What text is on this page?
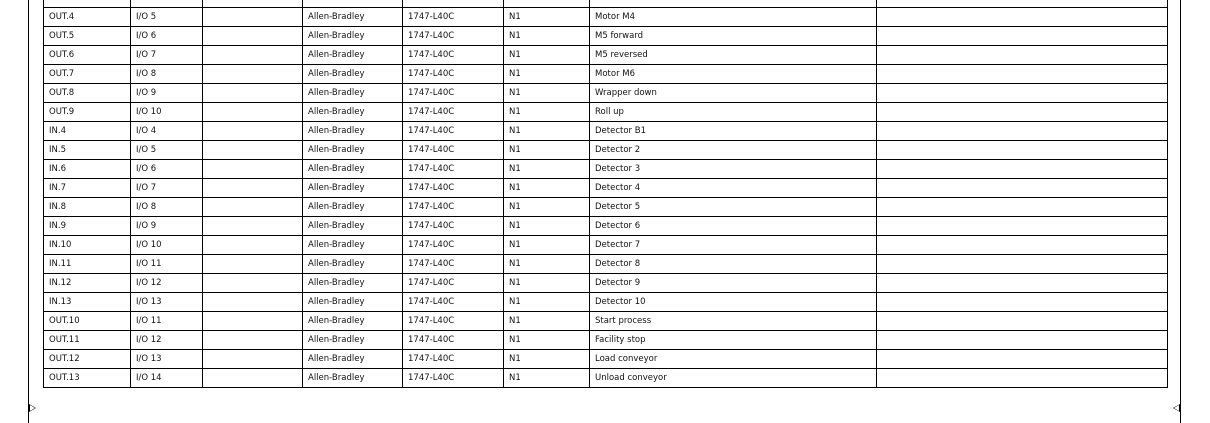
OUT.4	I/O 5		Allen-Bradley	1747-L40C	N1	Motor M4	
OUT.5	I/O 6		Allen-Bradley	1747-L40C	N1	M5 forward	
OUT.6	I/O 7		Allen-Bradley	1747-L40C	N1	M5 reversed	
OUT.7	I/O 8		Allen-Bradley	1747-L40C	N1	Motor M6	
OUT.8	I/O 9		Allen-Bradley	1747-L40C	N1	Wrapper down	
OUT.9	I/O 10		Allen-Bradley	1747-L40C	N1	Roll up	
IN.4	I/O 4		Allen-Bradley	1747-L40C	N1	Detector B1	
IN.5	I/O 5		Allen-Bradley	1747-L40C	N1	Detector 2	
IN.6	I/O 6		Allen-Bradley	1747-L40C	N1	Detector 3	
IN.7	I/O 7		Allen-Bradley	1747-L40C	N1	Detector 4	
IN.8	I/O 8		Allen-Bradley	1747-L40C	N1	Detector 5	
IN.9	I/O 9		Allen-Bradley	1747-L40C	N1	Detector 6	
IN.10	I/O 10		Allen-Bradley	1747-L40C	N1	Detector 7	
IN.11	I/O 11		Allen-Bradley	1747-L40C	N1	Detector 8	
IN.12	I/O 12		Allen-Bradley	1747-L40C	N1	Detector 9	
IN.13	I/O 13		Allen-Bradley	1747-L40C	N1	Detector 10	
OUT.10	I/O 11		Allen-Bradley	1747-L40C	N1	Start process	
OUT.11	I/O 12		Allen-Bradley	1747-L40C	N1	Facility stop	
OUT.12	I/O 13		Allen-Bradley	1747-L40C	N1	Load conveyor	
OUT.13	I/O 14		Allen-Bradley	1747-L40C	N1	Unload conveyor	
